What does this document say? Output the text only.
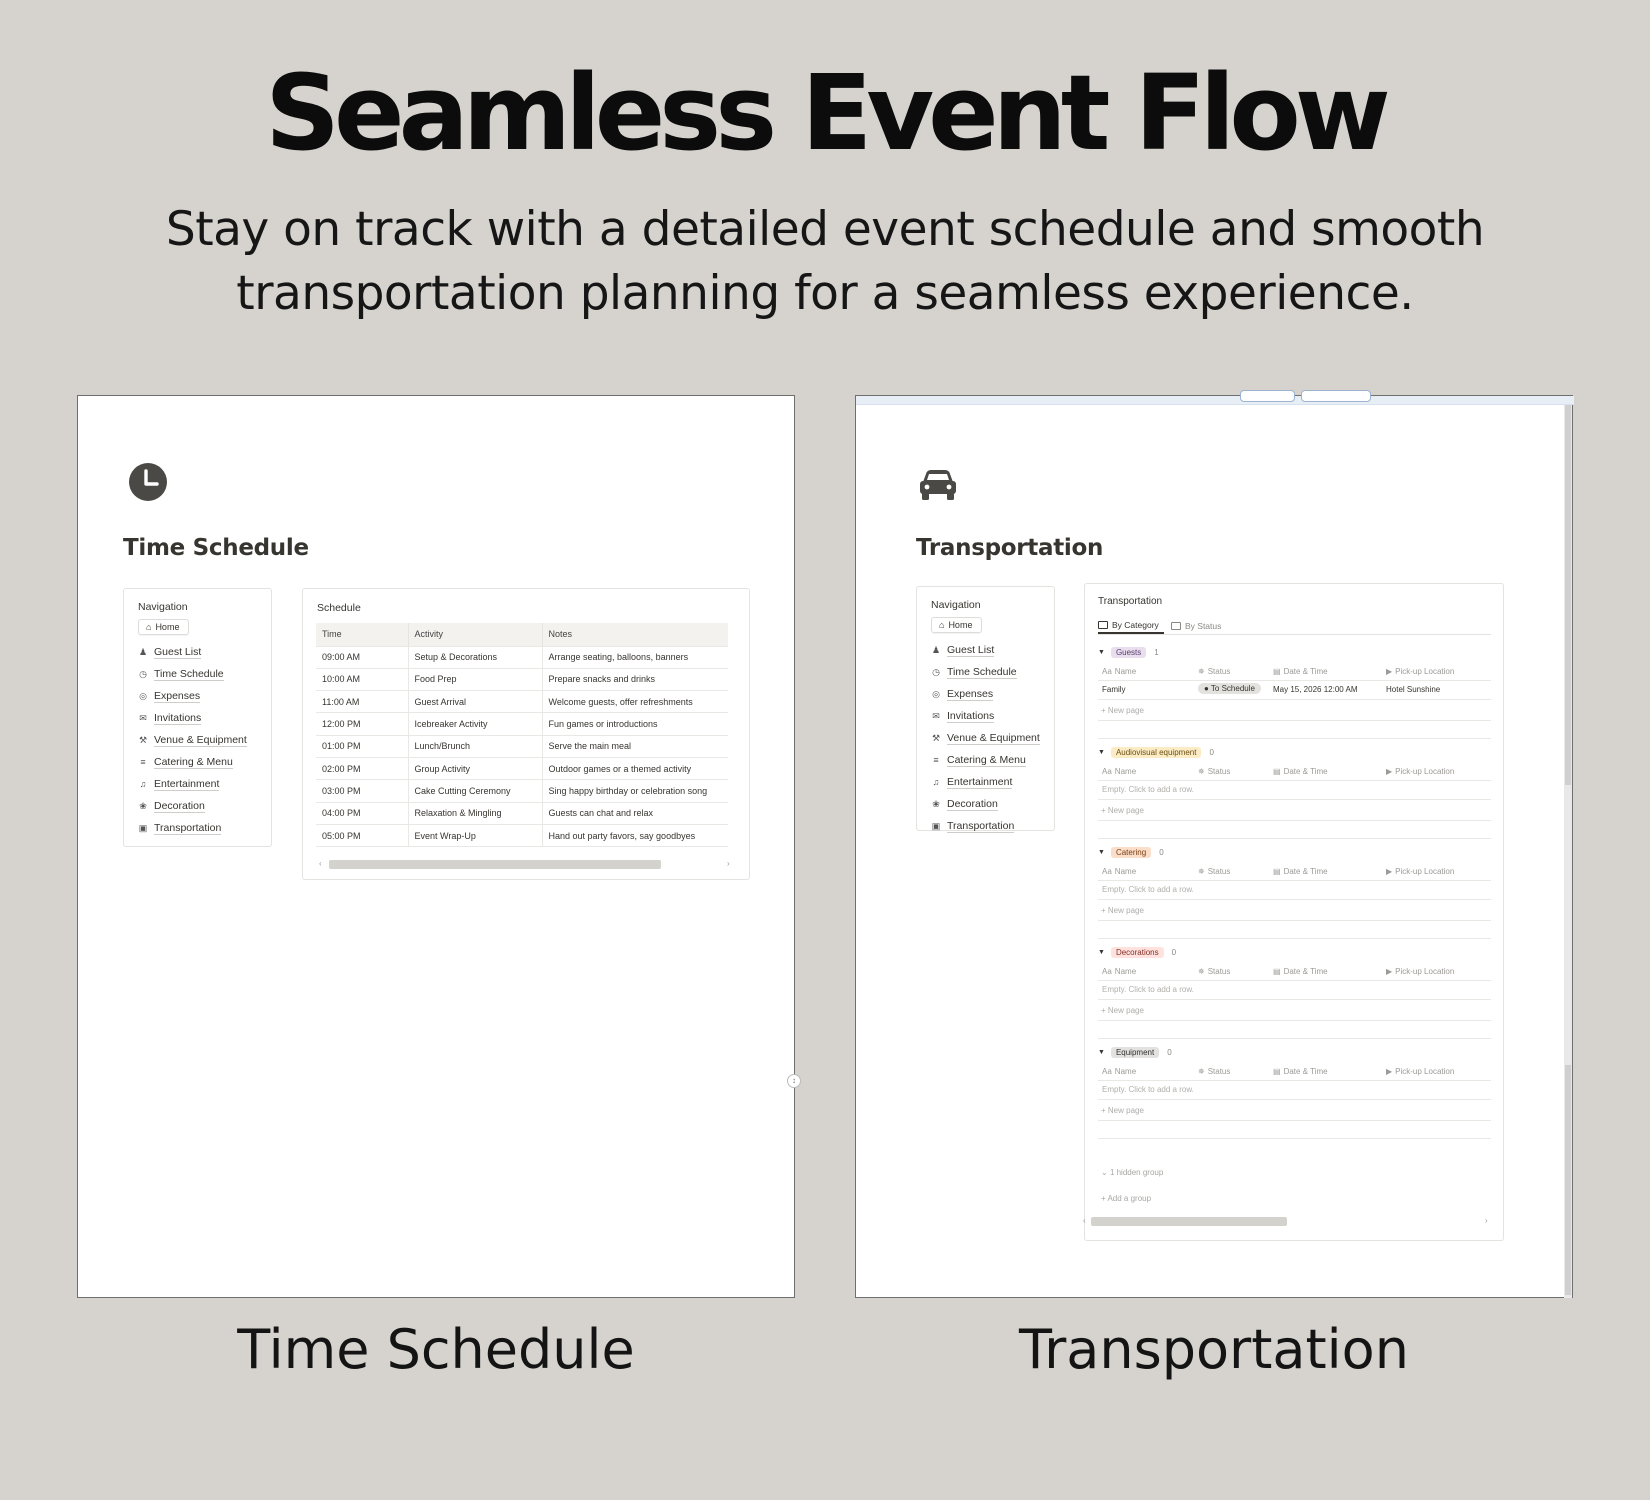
Seamless Event Flow
Stay on track with a detailed event schedule and smooth
transportation planning for a seamless experience.
Time Schedule
Navigation
⌂ Home
♟ Guest List
◷ Time Schedule
◎ Expenses
✉ Invitations
⚒ Venue & Equipment
≡ Catering & Menu
♫ Entertainment
❀ Decoration
▣ Transportation
Schedule
Time	Activity	Notes
09:00 AM	Setup & Decorations	Arrange seating, balloons, banners
10:00 AM	Food Prep	Prepare snacks and drinks
11:00 AM	Guest Arrival	Welcome guests, offer refreshments
12:00 PM	Icebreaker Activity	Fun games or introductions
01:00 PM	Lunch/Brunch	Serve the main meal
02:00 PM	Group Activity	Outdoor games or a themed activity
03:00 PM	Cake Cutting Ceremony	Sing happy birthday or celebration song
04:00 PM	Relaxation & Mingling	Guests can chat and relax
05:00 PM	Event Wrap-Up	Hand out party favors, say goodbyes
‹	›
↕
Transportation
Navigation
⌂ Home
♟ Guest List
◷ Time Schedule
◎ Expenses
✉ Invitations
⚒ Venue & Equipment
≡ Catering & Menu
♫ Entertainment
❀ Decoration
▣ Transportation
Transportation
By Category	By Status
▼	Guests	1
Aa Name	✵ Status	▤ Date & Time	▶ Pick-up Location
Family	● To Schedule	May 15, 2026 12:00 AM	Hotel Sunshine
+ New page
▼	Audiovisual equipment	0
Aa Name	✵ Status	▤ Date & Time	▶ Pick-up Location
Empty. Click to add a row.
+ New page
▼	Catering	0
Aa Name	✵ Status	▤ Date & Time	▶ Pick-up Location
Empty. Click to add a row.
+ New page
▼	Decorations	0
Aa Name	✵ Status	▤ Date & Time	▶ Pick-up Location
Empty. Click to add a row.
+ New page
▼	Equipment	0
Aa Name	✵ Status	▤ Date & Time	▶ Pick-up Location
Empty. Click to add a row.
+ New page
⌄ 1 hidden group
+ Add a group
‹	›
Time Schedule	Transportation
